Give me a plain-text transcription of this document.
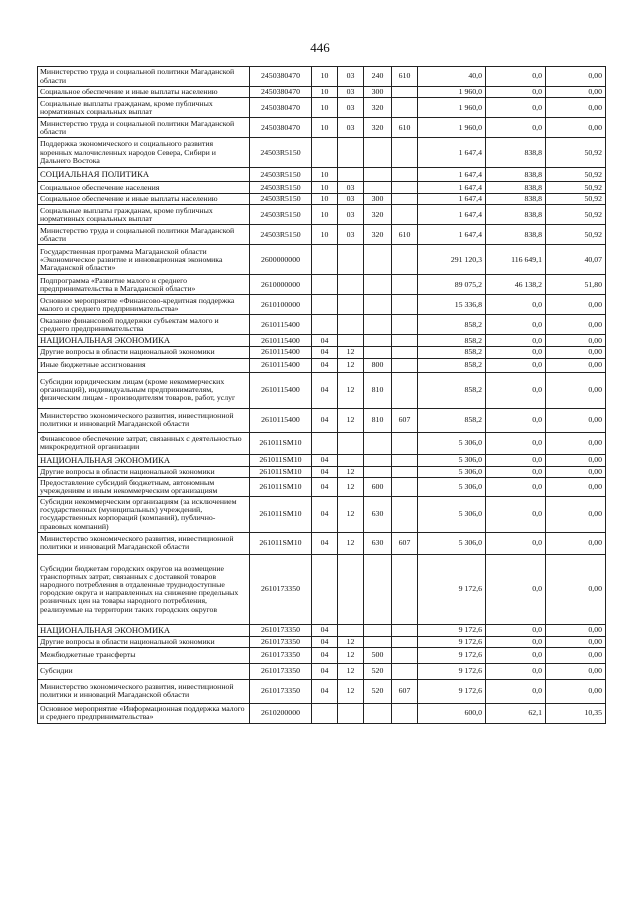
446
Министерство труда и социальной политики Магаданской области	2450380470	10	03	240	610	40,0	0,0	0,00
Социальное обеспечение и иные выплаты населению	2450380470	10	03	300		1 960,0	0,0	0,00
Социальные выплаты гражданам, кроме публичных нормативных социальных выплат	2450380470	10	03	320		1 960,0	0,0	0,00
Министерство труда и социальной политики Магаданской области	2450380470	10	03	320	610	1 960,0	0,0	0,00
Поддержка экономического и социального развития коренных малочисленных народов Севера, Сибири и Дальнего Востока	24503R5150					1 647,4	838,8	50,92
СОЦИАЛЬНАЯ ПОЛИТИКА	24503R5150	10				1 647,4	838,8	50,92
Социальное обеспечение населения	24503R5150	10	03			1 647,4	838,8	50,92
Социальное обеспечение и иные выплаты населению	24503R5150	10	03	300		1 647,4	838,8	50,92
Социальные выплаты гражданам, кроме публичных нормативных социальных выплат	24503R5150	10	03	320		1 647,4	838,8	50,92
Министерство труда и социальной политики Магаданской области	24503R5150	10	03	320	610	1 647,4	838,8	50,92
Государственная программа Магаданской области «Экономическое развитие и инновационная экономика Магаданской области»	2600000000					291 120,3	116 649,1	40,07
Подпрограмма «Развитие малого и среднего предпринимательства в Магаданской области»	2610000000					89 075,2	46 138,2	51,80
Основное мероприятие «Финансово-кредитная поддержка малого и среднего предпринимательства»	2610100000					15 336,8	0,0	0,00
Оказание финансовой поддержки субъектам малого и среднего предпринимательства	2610115400					858,2	0,0	0,00
НАЦИОНАЛЬНАЯ ЭКОНОМИКА	2610115400	04				858,2	0,0	0,00
Другие вопросы в области национальной экономики	2610115400	04	12			858,2	0,0	0,00
Иные бюджетные ассигнования	2610115400	04	12	800		858,2	0,0	0,00
Субсидии юридическим лицам (кроме некоммерческих организаций), индивидуальным предпринимателям, физическим лицам - производителям товаров, работ, услуг	2610115400	04	12	810		858,2	0,0	0,00
Министерство экономического развития, инвестиционной политики и инноваций Магаданской области	2610115400	04	12	810	607	858,2	0,0	0,00
Финансовое обеспечение затрат, связанных с деятельностью микрокредитной организации	261011SM10					5 306,0	0,0	0,00
НАЦИОНАЛЬНАЯ ЭКОНОМИКА	261011SM10	04				5 306,0	0,0	0,00
Другие вопросы в области национальной экономики	261011SM10	04	12			5 306,0	0,0	0,00
Предоставление субсидий бюджетным, автономным учреждениям и иным некоммерческим организациям	261011SM10	04	12	600		5 306,0	0,0	0,00
Субсидии некоммерческим организациям (за исключением государственных (муниципальных) учреждений, государственных корпораций (компаний), публично-правовых компаний)	261011SM10	04	12	630		5 306,0	0,0	0,00
Министерство экономического развития, инвестиционной политики и инноваций Магаданской области	261011SM10	04	12	630	607	5 306,0	0,0	0,00
Субсидии бюджетам городских округов на возмещение транспортных затрат, связанных с доставкой товаров народного потребления в отдаленные труднодоступные городские округа и направленных на снижение предельных розничных цен на товары народного потребления, реализуемые на территории таких городских округов	2610173350					9 172,6	0,0	0,00
НАЦИОНАЛЬНАЯ ЭКОНОМИКА	2610173350	04				9 172,6	0,0	0,00
Другие вопросы в области национальной экономики	2610173350	04	12			9 172,6	0,0	0,00
Межбюджетные трансферты	2610173350	04	12	500		9 172,6	0,0	0,00
Субсидии	2610173350	04	12	520		9 172,6	0,0	0,00
Министерство экономического развития, инвестиционной политики и инноваций Магаданской области	2610173350	04	12	520	607	9 172,6	0,0	0,00
Основное мероприятие «Информационная поддержка малого и среднего предпринимательства»	2610200000					600,0	62,1	10,35
